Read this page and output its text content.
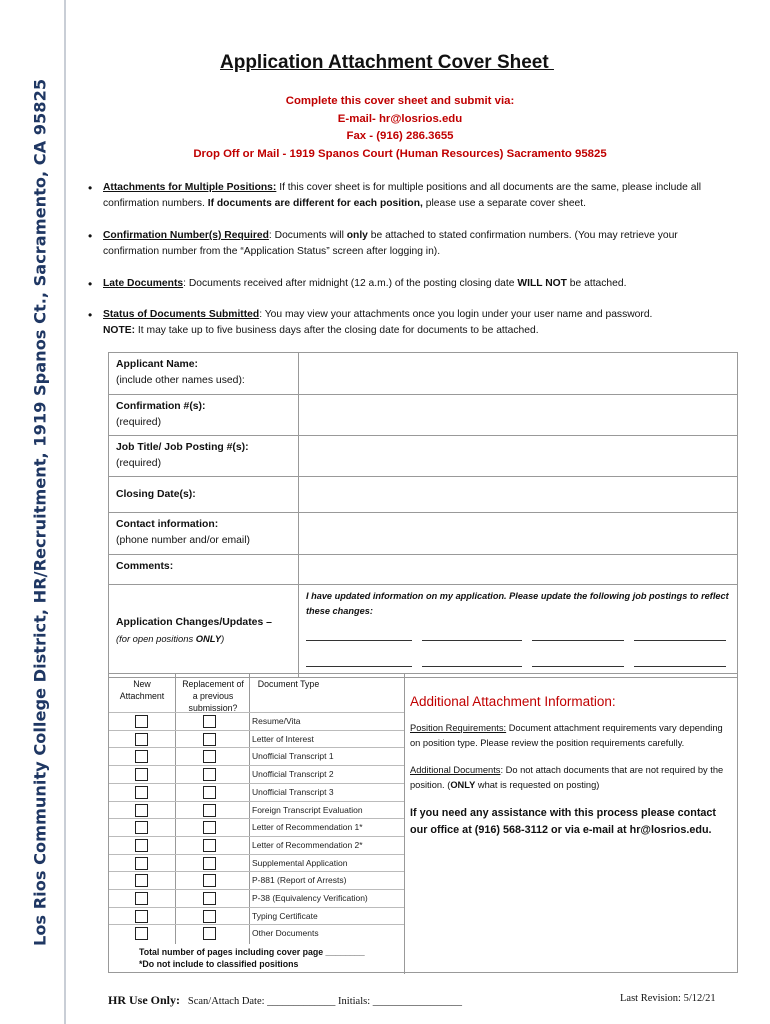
Los Rios Community College District, HR/Recruitment, 1919 Spanos Ct., Sacramento, CA 95825
Application Attachment Cover Sheet
Complete this cover sheet and submit via:
E-mail- hr@losrios.edu
Fax - (916) 286.3655
Drop Off or Mail - 1919 Spanos Court (Human Resources) Sacramento 95825
• Attachments for Multiple Positions: If this cover sheet is for multiple positions and all documents are the same, please include all confirmation numbers. If documents are different for each position, please use a separate cover sheet.
• Confirmation Number(s) Required: Documents will only be attached to stated confirmation numbers. (You may retrieve your confirmation number from the “Application Status” screen after logging in).
• Late Documents: Documents received after midnight (12 a.m.) of the posting closing date WILL NOT be attached.
• Status of Documents Submitted: You may view your attachments once you login under your user name and password.
NOTE: It may take up to five business days after the closing date for documents to be attached.
Applicant Name:
(include other names used):	
Confirmation #(s):
(required)	
Job Title/ Job Posting #(s):
(required)	
Closing Date(s):	
Contact information:
(phone number and/or email)	
Comments:	
Application Changes/Updates –
(for open positions ONLY)	I have updated information on my application. Please update the following job postings to reflect these changes:
New Attachment
Replacement of a previous submission?
Document Type
Resume/Vita
Letter of Interest
Unofficial Transcript 1
Unofficial Transcript 2
Unofficial Transcript 3
Foreign Transcript Evaluation
Letter of Recommendation 1*
Letter of Recommendation 2*
Supplemental Application
P-881 (Report of Arrests)
P-38 (Equivalency Verification)
Typing Certificate
Other Documents
Total number of pages including cover page ________
*Do not include to classified positions
Additional Attachment Information:

Position Requirements: Document attachment requirements vary depending on position type. Please review the position requirements carefully.

Additional Documents: Do not attach documents that are not required by the position. (ONLY what is requested on posting)

If you need any assistance with this process please contact our office at (916) 568-3112 or via e-mail at hr@losrios.edu.

HR Use Only: Scan/Attach Date: _____________ Initials: _________________	Last Revision: 5/12/21
